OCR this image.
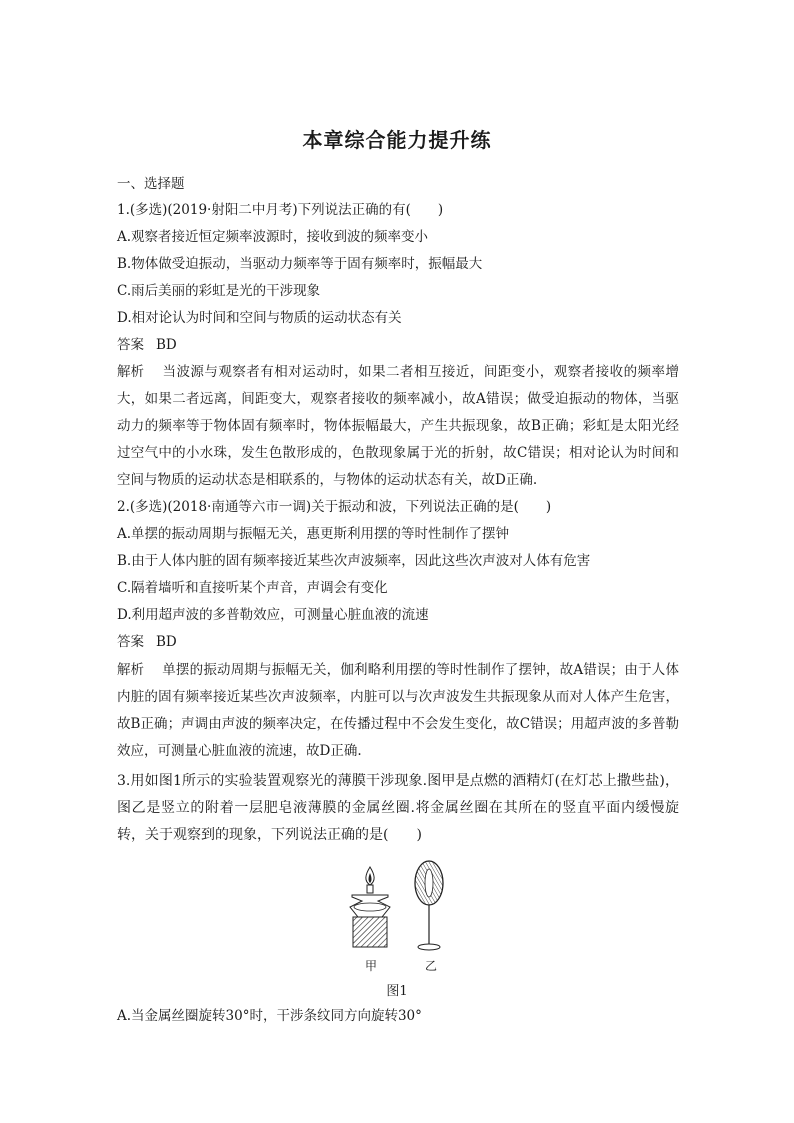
本章综合能力提升练
一、选择题
1.(多选)(2019·射阳二中月考)下列说法正确的有(　　)
A.观察者接近恒定频率波源时，接收到波的频率变小
B.物体做受迫振动，当驱动力频率等于固有频率时，振幅最大
C.雨后美丽的彩虹是光的干涉现象
D.相对论认为时间和空间与物质的运动状态有关
答案 BD
解析 当波源与观察者有相对运动时，如果二者相互接近，间距变小，观察者接收的频率增大，如果二者远离，间距变大，观察者接收的频率减小，故A错误；做受迫振动的物体，当驱动力的频率等于物体固有频率时，物体振幅最大，产生共振现象，故B正确；彩虹是太阳光经过空气中的小水珠，发生色散形成的，色散现象属于光的折射，故C错误；相对论认为时间和空间与物质的运动状态是相联系的，与物体的运动状态有关，故D正确.
2.(多选)(2018·南通等六市一调)关于振动和波，下列说法正确的是(　　)
A.单摆的振动周期与振幅无关，惠更斯利用摆的等时性制作了摆钟
B.由于人体内脏的固有频率接近某些次声波频率，因此这些次声波对人体有危害
C.隔着墙听和直接听某个声音，声调会有变化
D.利用超声波的多普勒效应，可测量心脏血液的流速
答案 BD
解析 单摆的振动周期与振幅无关，伽利略利用摆的等时性制作了摆钟，故A错误；由于人体内脏的固有频率接近某些次声波频率，内脏可以与次声波发生共振现象从而对人体产生危害，故B正确；声调由声波的频率决定，在传播过程中不会发生变化，故C错误；用超声波的多普勒效应，可测量心脏血液的流速，故D正确.
3.用如图1所示的实验装置观察光的薄膜干涉现象.图甲是点燃的酒精灯(在灯芯上撒些盐)，图乙是竖立的附着一层肥皂液薄膜的金属丝圈.将金属丝圈在其所在的竖直平面内缓慢旋转，关于观察到的现象，下列说法正确的是(　　)
甲	乙
图1
A.当金属丝圈旋转30°时，干涉条纹同方向旋转30°
